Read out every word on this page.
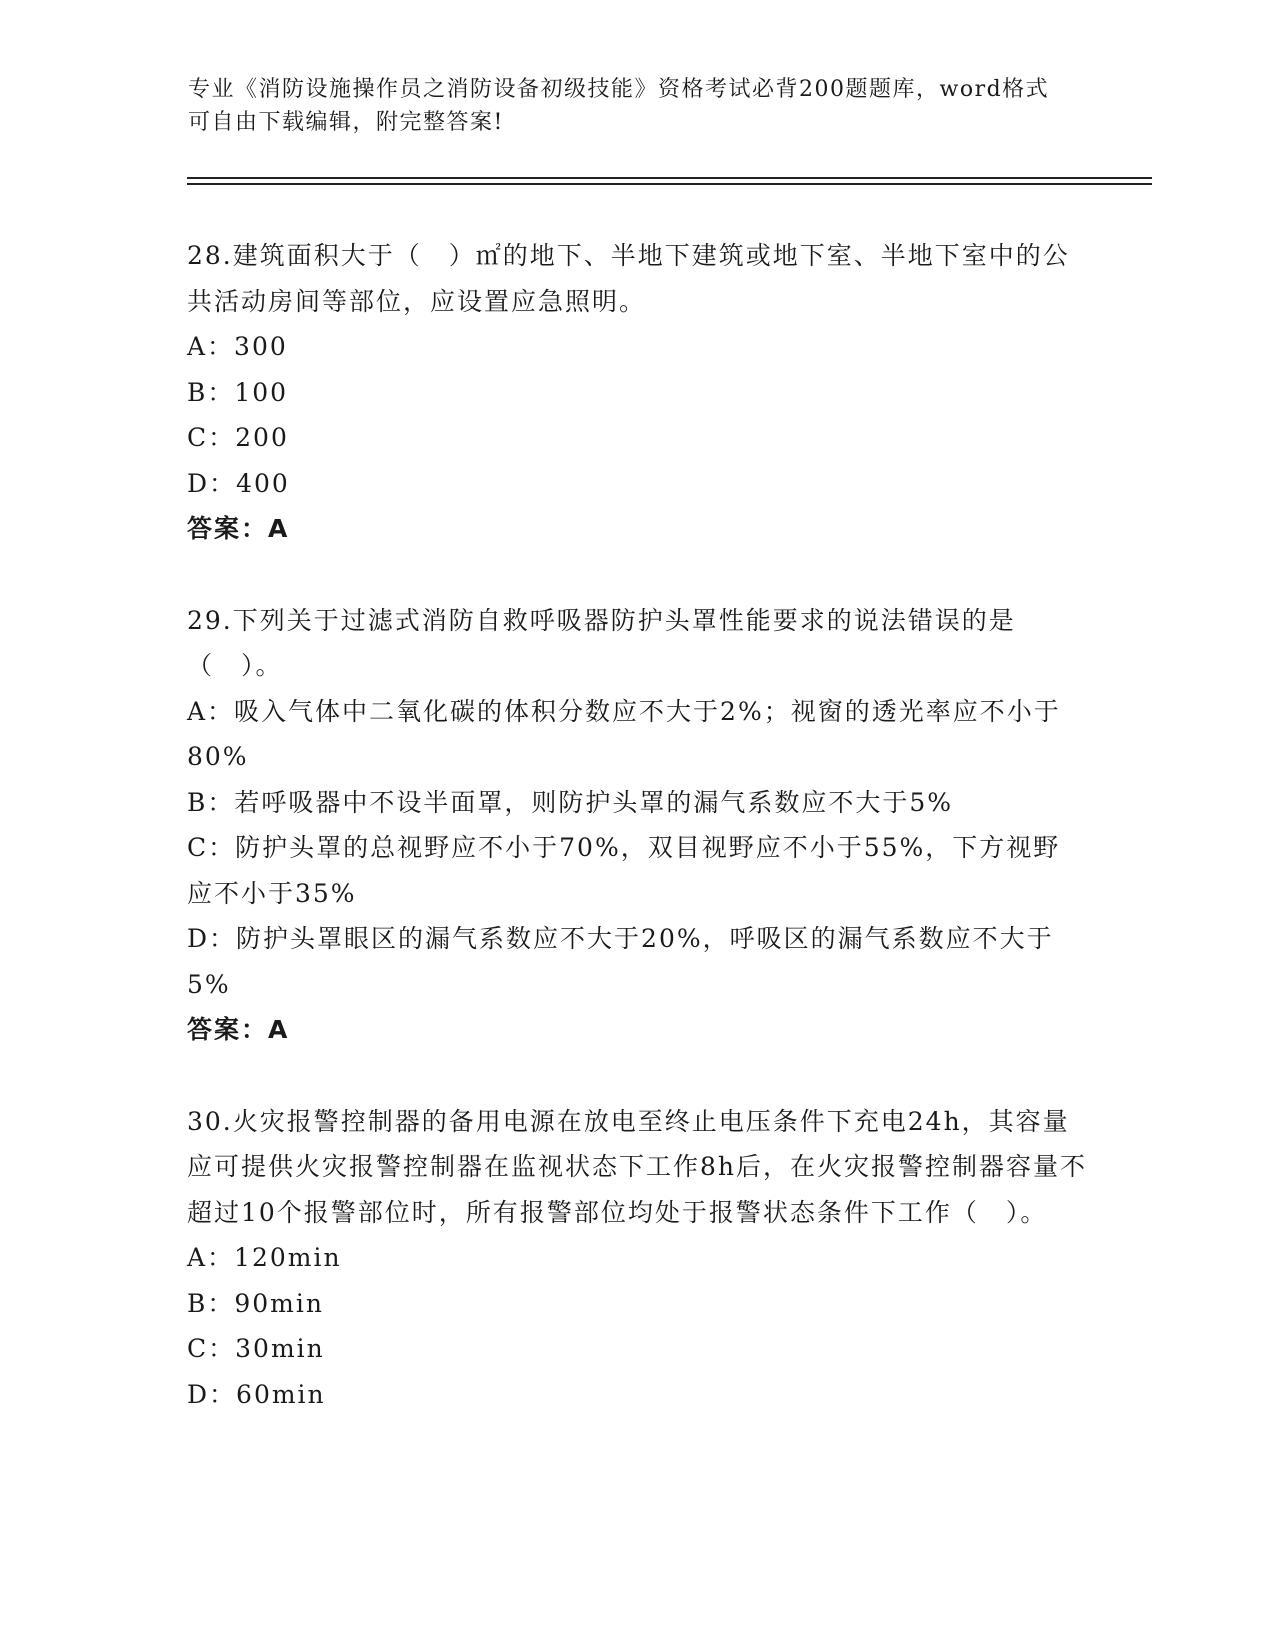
专业《消防设施操作员之消防设备初级技能》资格考试必背200题题库，word格式可自由下载编辑，附完整答案!
28.建筑面积大于（　）㎡的地下、半地下建筑或地下室、半地下室中的公共活动房间等部位，应设置应急照明。
A：300
B：100
C：200
D：400
答案：A
29.下列关于过滤式消防自救呼吸器防护头罩性能要求的说法错误的是（　）。
A：吸入气体中二氧化碳的体积分数应不大于2%；视窗的透光率应不小于80%
B：若呼吸器中不设半面罩，则防护头罩的漏气系数应不大于5%
C：防护头罩的总视野应不小于70%，双目视野应不小于55%，下方视野应不小于35%
D：防护头罩眼区的漏气系数应不大于20%，呼吸区的漏气系数应不大于5%
答案：A
30.火灾报警控制器的备用电源在放电至终止电压条件下充电24h，其容量应可提供火灾报警控制器在监视状态下工作8h后，在火灾报警控制器容量不超过10个报警部位时，所有报警部位均处于报警状态条件下工作（　）。
A：120min
B：90min
C：30min
D：60min
